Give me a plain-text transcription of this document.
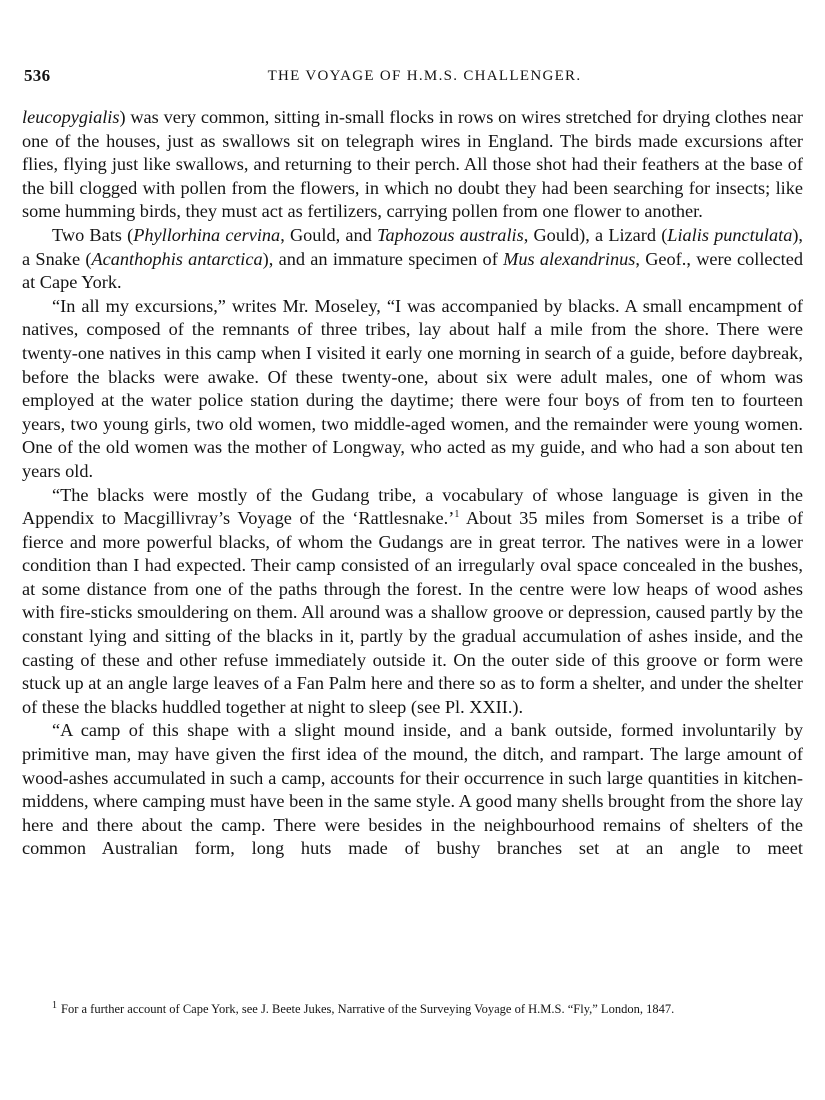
536	THE VOYAGE OF H.M.S. CHALLENGER.

leucopygialis) was very common, sitting in-small flocks in rows on wires stretched for drying clothes near one of the houses, just as swallows sit on telegraph wires in England. The birds made excursions after flies, flying just like swallows, and returning to their perch. All those shot had their feathers at the base of the bill clogged with pollen from the flowers, in which no doubt they had been searching for insects; like some humming birds, they must act as fertilizers, carrying pollen from one flower to another.

Two Bats (Phyllorhina cervina, Gould, and Taphozous australis, Gould), a Lizard (Lialis punctulata), a Snake (Acanthophis antarctica), and an immature specimen of Mus alexandrinus, Geof., were collected at Cape York.

“In all my excursions,” writes Mr. Moseley, “I was accompanied by blacks. A small encampment of natives, composed of the remnants of three tribes, lay about half a mile from the shore. There were twenty-one natives in this camp when I visited it early one morning in search of a guide, before daybreak, before the blacks were awake. Of these twenty-one, about six were adult males, one of whom was employed at the water police station during the daytime; there were four boys of from ten to fourteen years, two young girls, two old women, two middle-aged women, and the remainder were young women. One of the old women was the mother of Longway, who acted as my guide, and who had a son about ten years old.

“The blacks were mostly of the Gudang tribe, a vocabulary of whose language is given in the Appendix to Macgillivray’s Voyage of the ‘Rattlesnake.’$^1$ About 35 miles from Somerset is a tribe of fierce and more powerful blacks, of whom the Gudangs are in great terror. The natives were in a lower condition than I had expected. Their camp consisted of an irregularly oval space concealed in the bushes, at some distance from one of the paths through the forest. In the centre were low heaps of wood ashes with fire-sticks smouldering on them. All around was a shallow groove or depression, caused partly by the constant lying and sitting of the blacks in it, partly by the gradual accumulation of ashes inside, and the casting of these and other refuse immediately outside it. On the outer side of this groove or form were stuck up at an angle large leaves of a Fan Palm here and there so as to form a shelter, and under the shelter of these the blacks huddled together at night to sleep (see Pl. XXII.).

“A camp of this shape with a slight mound inside, and a bank outside, formed involuntarily by primitive man, may have given the first idea of the mound, the ditch, and rampart. The large amount of wood-ashes accumulated in such a camp, accounts for their occurrence in such large quantities in kitchen-middens, where camping must have been in the same style. A good many shells brought from the shore lay here and there about the camp. There were besides in the neighbourhood remains of shelters of the common Australian form, long huts made of bushy branches set at an angle to meet

$^1$ For a further account of Cape York, see J. Beete Jukes, Narrative of the Surveying Voyage of H.M.S. “Fly,” London, 1847.
